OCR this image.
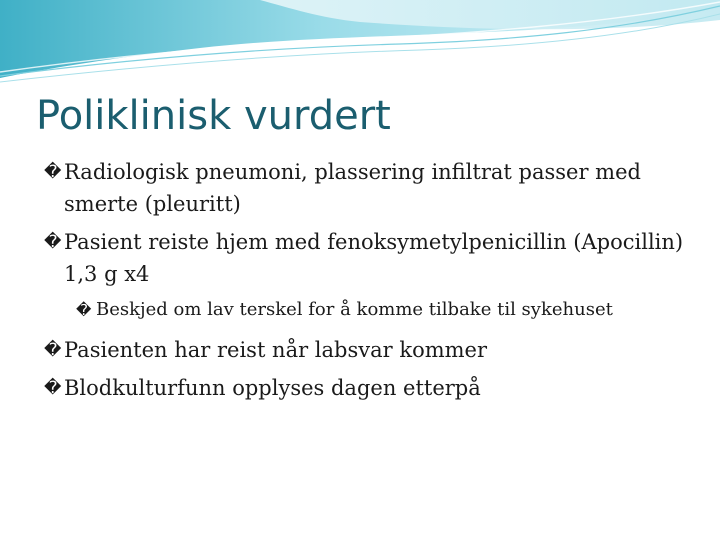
Poliklinisk vurdert
� Radiologisk pneumoni, plassering infiltrat passer med smerte (pleuritt)
� Pasient reiste hjem med fenoksymetylpenicillin (Apocillin) 1,3 g x4
� Beskjed om lav terskel for å komme tilbake til sykehuset
� Pasienten har reist når labsvar kommer
� Blodkulturfunn opplyses dagen etterpå
